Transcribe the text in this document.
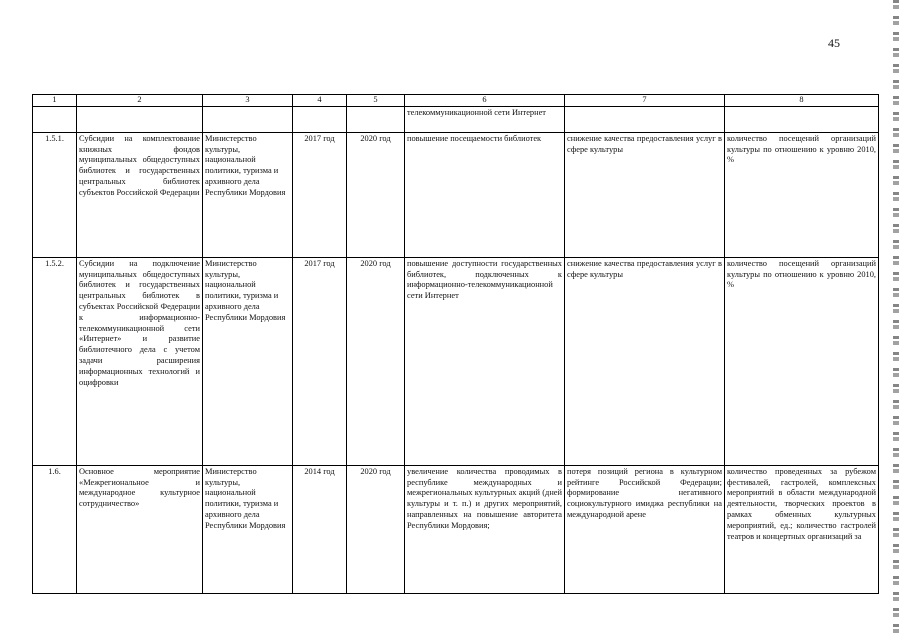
45
1	2	3	4	5	6	7	8
					телекоммуникационной сети Интернет		
1.5.1.	Субсидии на комплектование книжных фондов муниципальных общедоступных библиотек и государственных центральных библиотек субъектов Российской Федерации	Министерство культуры, национальной политики, туризма и архивного дела Республики Мордовия	2017 год	2020 год	повышение посещаемости библиотек	снижение качества предоставления услуг в сфере культуры	количество посещений организаций культуры по отношению к уровню 2010, %
1.5.2.	Субсидии на подключение муниципальных общедоступных библиотек и государственных центральных библиотек в субъектах Российской Федерации к информационно-телекоммуникационной сети «Интернет» и развитие библиотечного дела с учетом задачи расширения информационных технологий и оцифровки	Министерство культуры, национальной политики, туризма и архивного дела Республики Мордовия	2017 год	2020 год	повышение доступности государственных библиотек, подключенных к информационно-телекоммуникационной сети Интернет	снижение качества предоставления услуг в сфере культуры	количество посещений организаций культуры по отношению к уровню 2010, %
1.6.	Основное мероприятие «Межрегиональное и международное культурное сотрудничество»	Министерство культуры, национальной политики, туризма и архивного дела Республики Мордовия	2014 год	2020 год	увеличение количества проводимых в республике международных и межрегиональных культурных акций (дней культуры и т. п.) и других мероприятий, направленных на повышение авторитета Республики Мордовия;	потеря позиций региона в культурном рейтинге Российской Федерации; формирование негативного социокультурного имиджа республики на международной арене	количество проведенных за рубежом фестивалей, гастролей, комплексных мероприятий в области международной деятельности, творческих проектов в рамках обменных культурных мероприятий, ед.; количество гастролей театров и концертных организаций за
